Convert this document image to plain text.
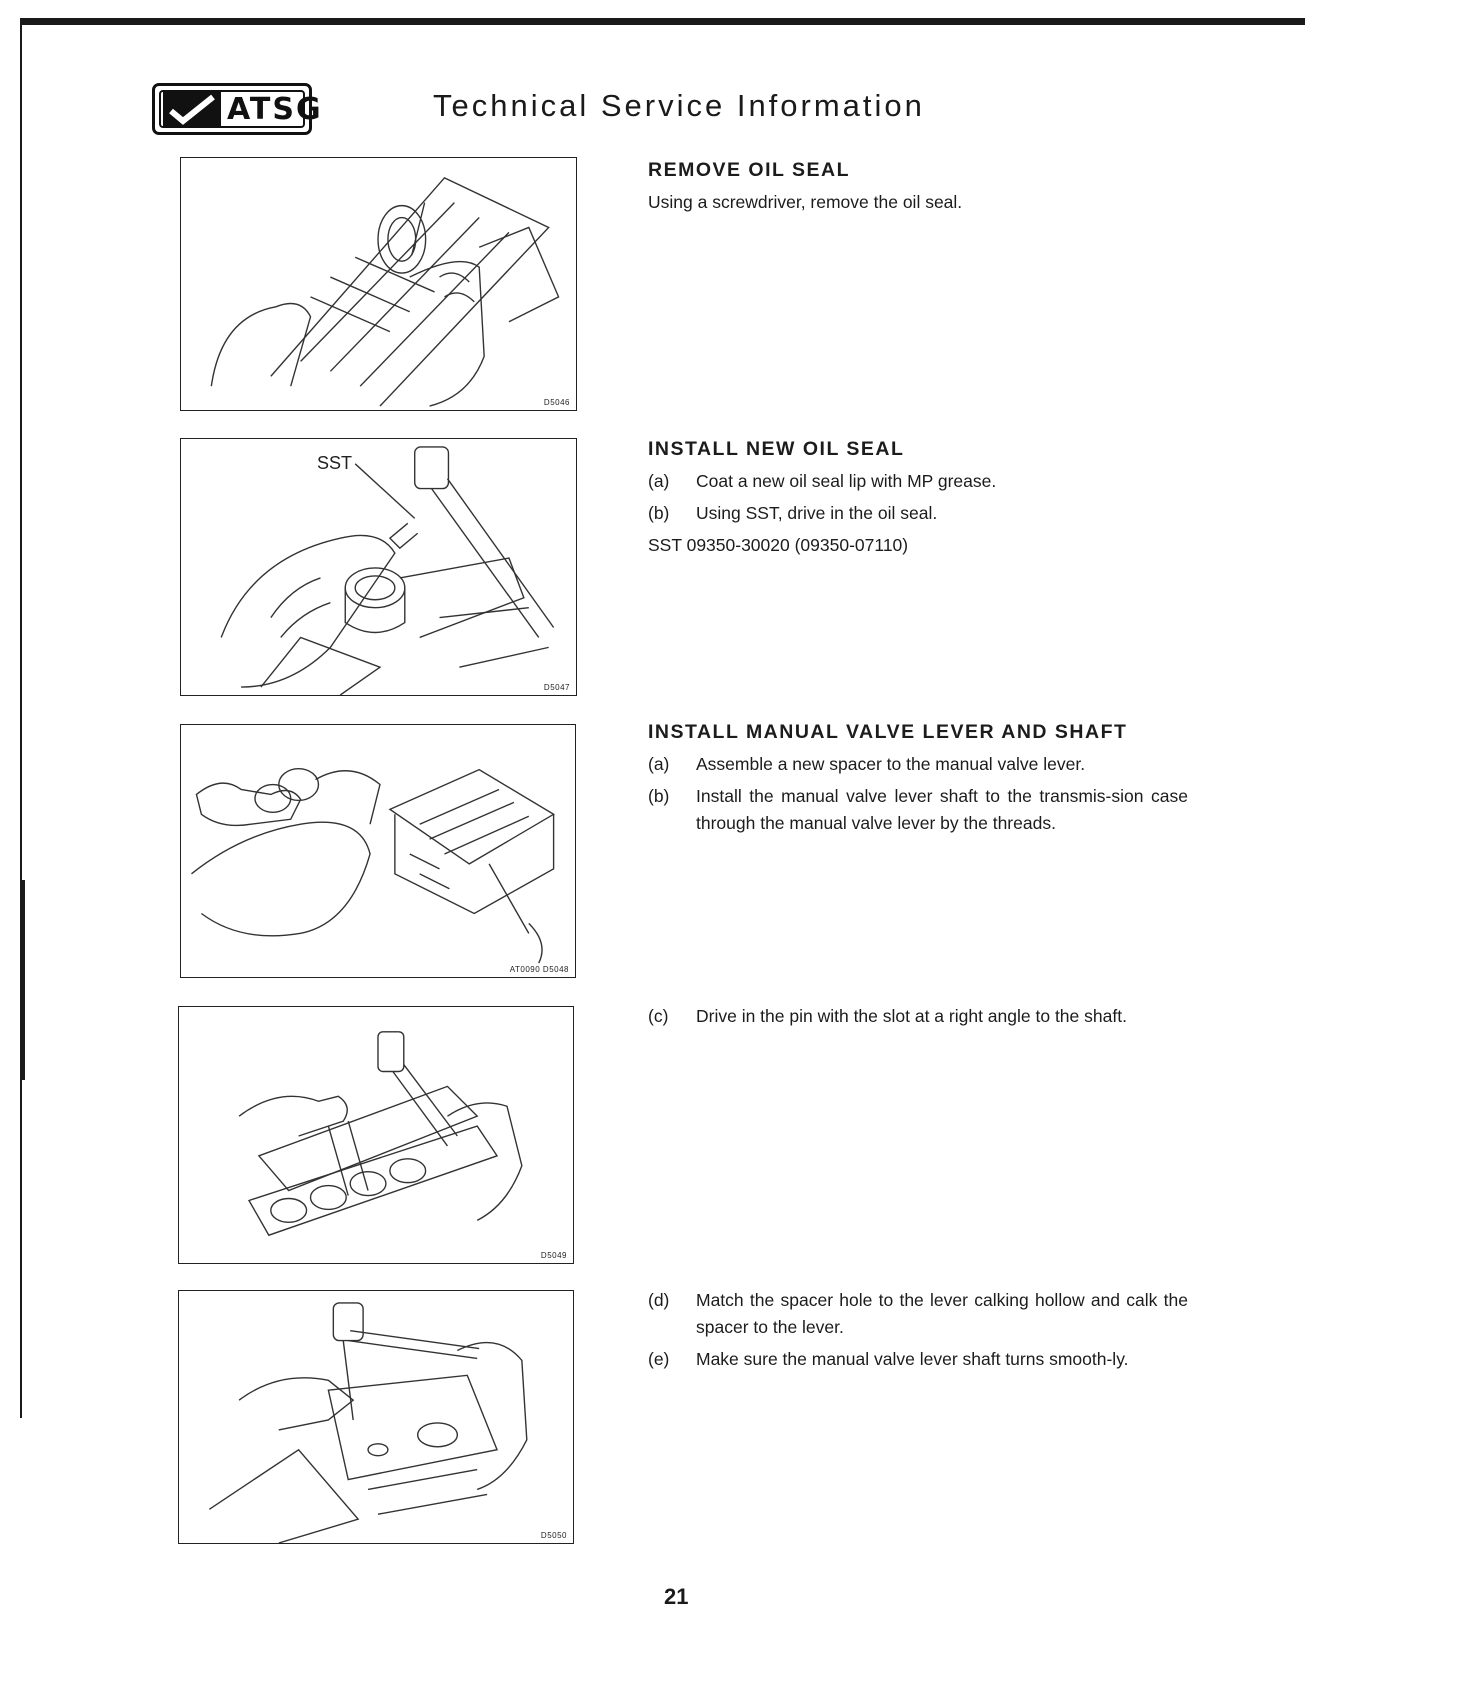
ATSG	Technical Service Information
D5046
SST
D5047
AT0090 D5048
D5049
D5050
REMOVE OIL SEAL

Using a screwdriver, remove the oil seal.

INSTALL NEW OIL SEAL
(a)	Coat a new oil seal lip with MP grease.
(b)	Using SST, drive in the oil seal.

SST 09350-30020 (09350-07110)

INSTALL MANUAL VALVE LEVER AND SHAFT
(a)	Assemble a new spacer to the manual valve lever.
(b)	Install the manual valve lever shaft to the transmis-sion case through the manual valve lever by the threads.
(c)	Drive in the pin with the slot at a right angle to the shaft.
(d)	Match the spacer hole to the lever calking hollow and calk the spacer to the lever.
(e)	Make sure the manual valve lever shaft turns smooth-ly.
21
